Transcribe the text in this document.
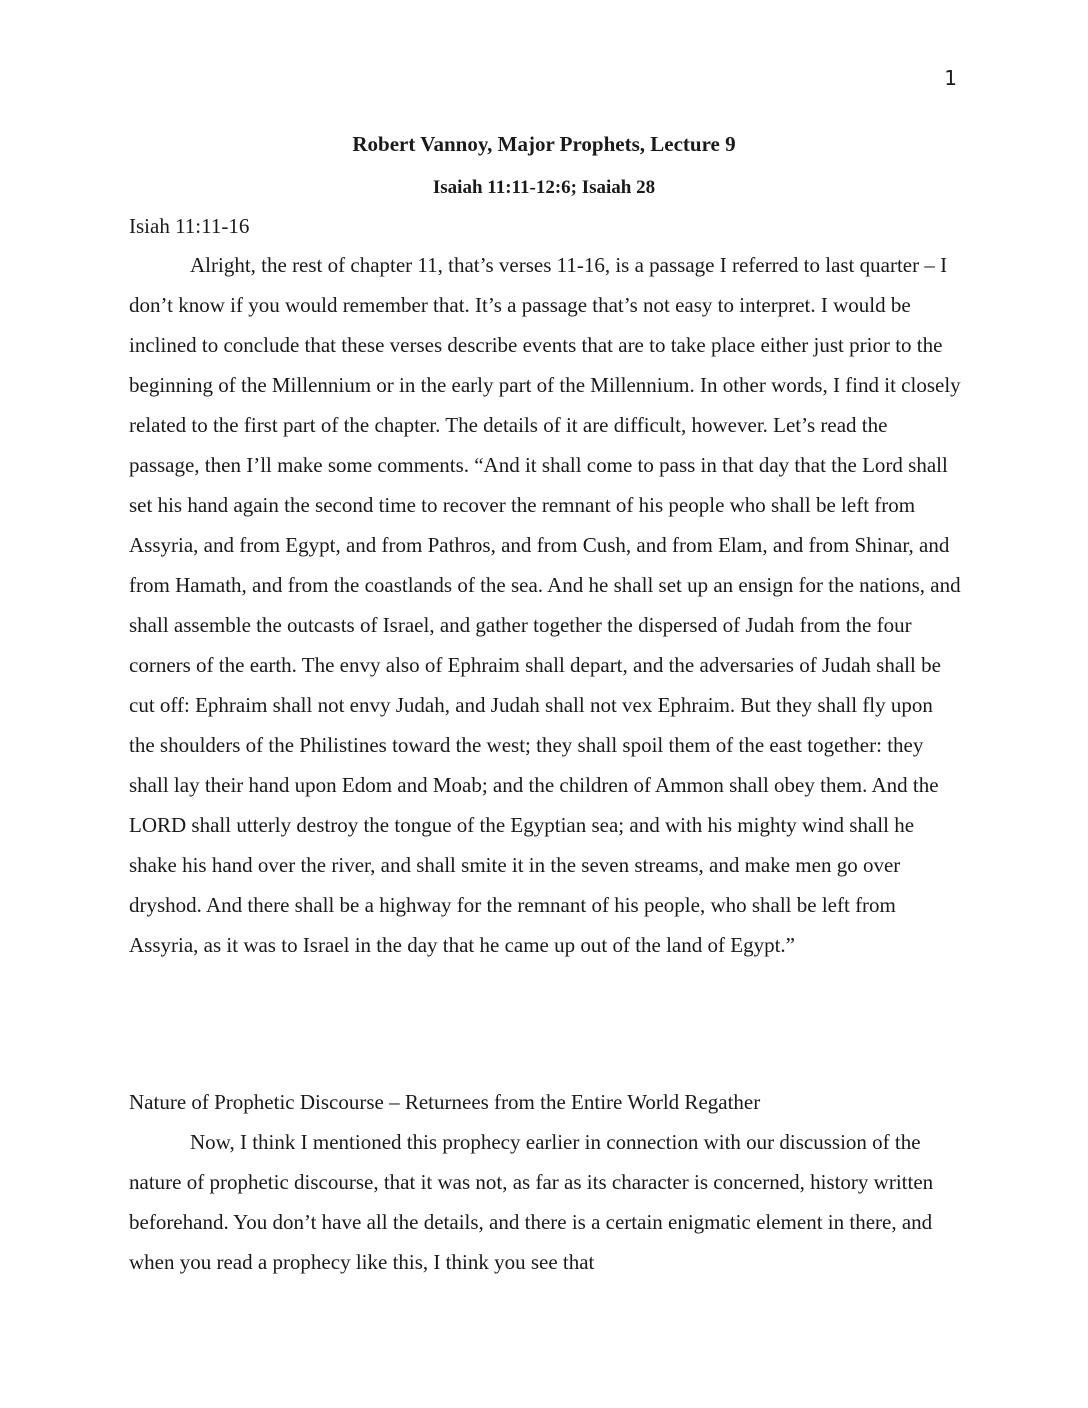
1
Robert Vannoy, Major Prophets, Lecture 9
Isaiah 11:11-12:6; Isaiah 28
Isiah 11:11-16

Alright, the rest of chapter 11, that’s verses 11-16, is a passage I referred to last quarter – I don’t know if you would remember that. It’s a passage that’s not easy to interpret. I would be inclined to conclude that these verses describe events that are to take place either just prior to the beginning of the Millennium or in the early part of the Millennium. In other words, I find it closely related to the first part of the chapter. The details of it are difficult, however. Let’s read the passage, then I’ll make some comments. “And it shall come to pass in that day that the Lord shall set his hand again the second time to recover the remnant of his people who shall be left from Assyria, and from Egypt, and from Pathros, and from Cush, and from Elam, and from Shinar, and from Hamath, and from the coastlands of the sea. And he shall set up an ensign for the nations, and shall assemble the outcasts of Israel, and gather together the dispersed of Judah from the four corners of the earth. The envy also of Ephraim shall depart, and the adversaries of Judah shall be cut off: Ephraim shall not envy Judah, and Judah shall not vex Ephraim. But they shall fly upon the shoulders of the Philistines toward the west; they shall spoil them of the east together: they shall lay their hand upon Edom and Moab; and the children of Ammon shall obey them. And the LORD shall utterly destroy the tongue of the Egyptian sea; and with his mighty wind shall he shake his hand over the river, and shall smite it in the seven streams, and make men go over dryshod. And there shall be a highway for the remnant of his people, who shall be left from Assyria, as it was to Israel in the day that he came up out of the land of Egypt.”

Nature of Prophetic Discourse – Returnees from the Entire World Regather

Now, I think I mentioned this prophecy earlier in connection with our discussion of the nature of prophetic discourse, that it was not, as far as its character is concerned, history written beforehand. You don’t have all the details, and there is a certain enigmatic element in there, and when you read a prophecy like this, I think you see that
